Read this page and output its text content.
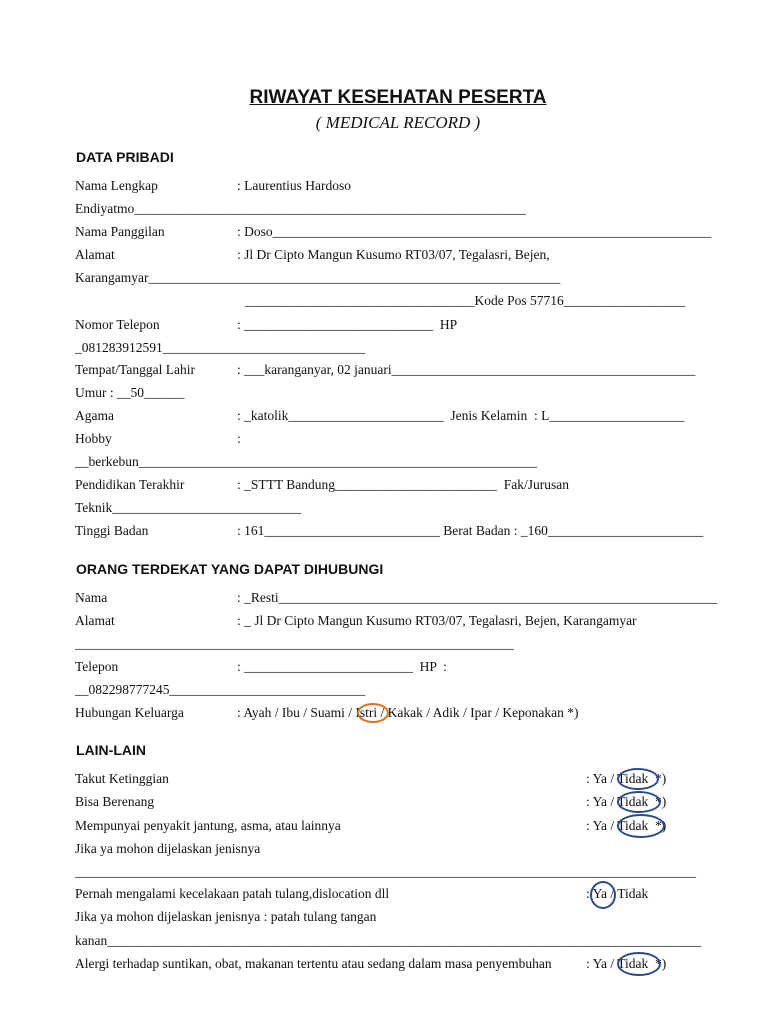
RIWAYAT KESEHATAN PESERTA
( MEDICAL RECORD )
DATA PRIBADI
Nama Lengkap	: Laurentius Hardoso
Endiyatmo__________________________________________________________
Nama Panggilan	: Doso_________________________________________________________________
Alamat	: Jl Dr Cipto Mangun Kusumo RT03/07, Tegalasri, Bejen,
Karangamyar_____________________________________________________________
__________________________________Kode Pos 57716__________________
Nomor Telepon	: ____________________________  HP
_081283912591______________________________
Tempat/Tanggal Lahir	: ___karanganyar, 02 januari_____________________________________________
Umur : __50______
Agama	: _katolik_______________________  Jenis Kelamin  : L____________________
Hobby	:
__berkebun___________________________________________________________
Pendidikan Terakhir	: _STTT Bandung________________________  Fak/Jurusan
Teknik____________________________
Tinggi Badan	: 161__________________________ Berat Badan : _160_______________________
ORANG TERDEKAT YANG DAPAT DIHUBUNGI
Nama	: _Resti_________________________________________________________________
Alamat	: _ Jl Dr Cipto Mangun Kusumo RT03/07, Tegalasri, Bejen, Karangamyar
_________________________________________________________________
Telepon	: _________________________  HP  :
__082298777245_____________________________
Hubungan Keluarga	: Ayah / Ibu / Suami / Istri / Kakak / Adik / Ipar / Keponakan *)
LAIN-LAIN
Takut Ketinggian	: Ya / Tidak  *)
Bisa Berenang	: Ya / Tidak  *)
Mempunyai penyakit jantung, asma, atau lainnya	: Ya / Tidak  *)
Jika ya mohon dijelaskan jenisnya
____________________________________________________________________________________________
Pernah mengalami kecelakaan patah tulang,dislocation dll	: Ya / Tidak
Jika ya mohon dijelaskan jenisnya : patah tulang tangan
kanan________________________________________________________________________________________
Alergi terhadap suntikan, obat, makanan tertentu atau sedang dalam masa penyembuhan	: Ya / Tidak  *)
